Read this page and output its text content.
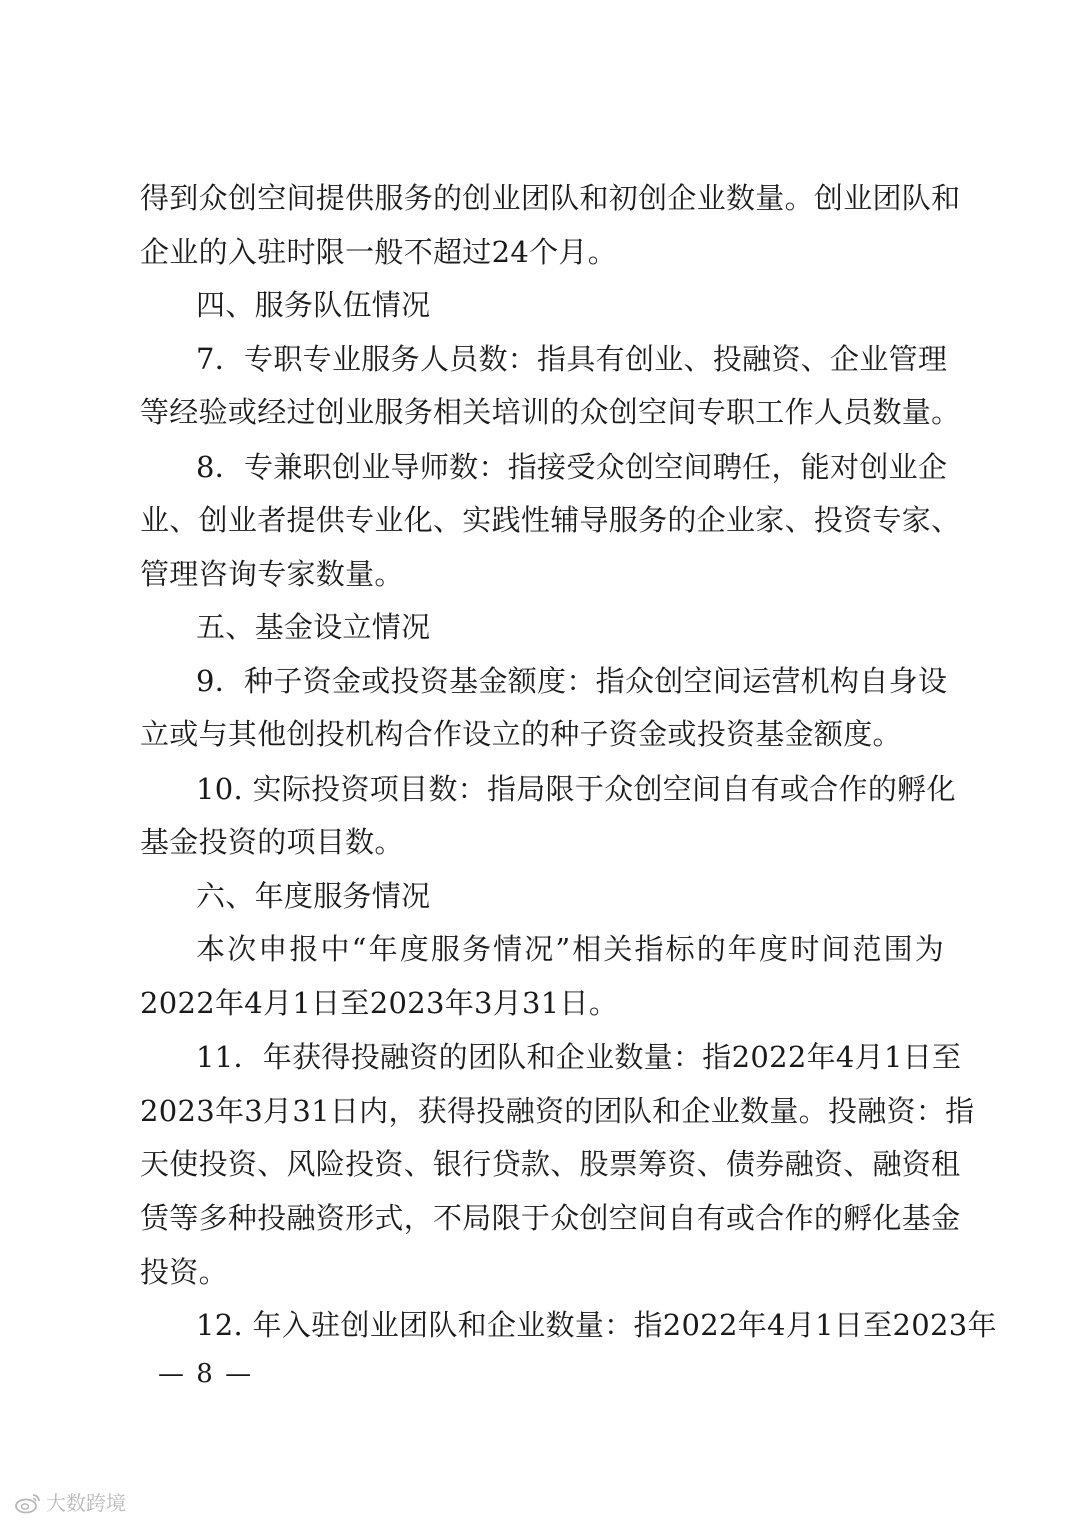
得到众创空间提供服务的创业团队和初创企业数量。创业团队和
企业的入驻时限一般不超过24个月。
四、服务队伍情况
7．专职专业服务人员数：指具有创业、投融资、企业管理
等经验或经过创业服务相关培训的众创空间专职工作人员数量。
8．专兼职创业导师数：指接受众创空间聘任，能对创业企
业、创业者提供专业化、实践性辅导服务的企业家、投资专家、
管理咨询专家数量。
五、基金设立情况
9．种子资金或投资基金额度：指众创空间运营机构自身设
立或与其他创投机构合作设立的种子资金或投资基金额度。
10. 实际投资项目数：指局限于众创空间自有或合作的孵化
基金投资的项目数。
六、年度服务情况
本次申报中“年度服务情况”相关指标的年度时间范围为
2022年4月1日至2023年3月31日。
11．年获得投融资的团队和企业数量：指2022年4月1日至
2023年3月31日内，获得投融资的团队和企业数量。投融资：指
天使投资、风险投资、银行贷款、股票筹资、债券融资、融资租
赁等多种投融资形式，不局限于众创空间自有或合作的孵化基金
投资。
12. 年入驻创业团队和企业数量：指2022年4月1日至2023年
— 8 —
大数跨境
